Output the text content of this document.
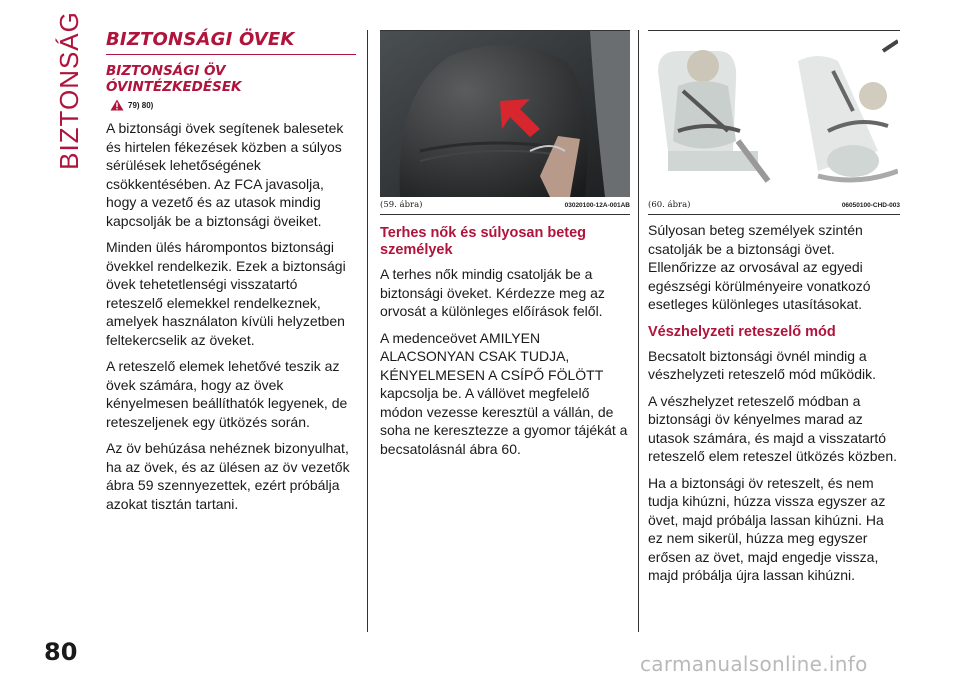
BIZTONSÁG BIZTONSÁGI ÖVEK
BIZTONSÁGI ÖV
ÓVINTÉZKEDÉSEK
79) 80)

A biztonsági övek segítenek balesetek és hirtelen fékezések közben a súlyos sérülések lehetőségének csökkentésében. Az FCA javasolja, hogy a vezető és az utasok mindig kapcsolják be a biztonsági öveiket.

Minden ülés hárompontos biztonsági övekkel rendelkezik. Ezek a biztonsági övek tehetetlenségi visszatartó reteszelő elemekkel rendelkeznek, amelyek használaton kívüli helyzetben feltekercselik az öveket.

A reteszelő elemek lehetővé teszik az övek számára, hogy az övek kényelmesen beállíthatók legyenek, de reteszeljenek egy ütközés során.

Az öv behúzása nehéznek bizonyulhat, ha az övek, és az ülésen az öv vezetők ábra 59 szennyezettek, ezért próbálja azokat tisztán tartani.

(59. ábra)	03020100-12A-001AB
Terhes nők és súlyosan beteg személyek

A terhes nők mindig csatolják be a biztonsági öveket. Kérdezze meg az orvosát a különleges előírások felől.

A medenceövet AMILYEN ALACSONYAN CSAK TUDJA, KÉNYELMESEN A CSÍPŐ FÖLÖTT kapcsolja be. A vállövet megfelelő módon vezesse keresztül a vállán, de soha ne keresztezze a gyomor tájékát a becsatolásnál ábra 60.

(60. ábra)	06050100-CHD-003

Súlyosan beteg személyek szintén csatolják be a biztonsági övet. Ellenőrizze az orvosával az egyedi egészségi körülményeire vonatkozó esetleges különleges utasításokat.

Vészhelyzeti reteszelő mód

Becsatolt biztonsági övnél mindig a vészhelyzeti reteszelő mód működik.

A vészhelyzet reteszelő módban a biztonsági öv kényelmes marad az utasok számára, és majd a visszatartó reteszelő elem reteszel ütközés közben.

Ha a biztonsági öv reteszelt, és nem tudja kihúzni, húzza vissza egyszer az övet, majd próbálja lassan kihúzni. Ha ez nem sikerül, húzza meg egyszer erősen az övet, majd engedje vissza, majd próbálja újra lassan kihúzni.

80	carmanualsonline.info
